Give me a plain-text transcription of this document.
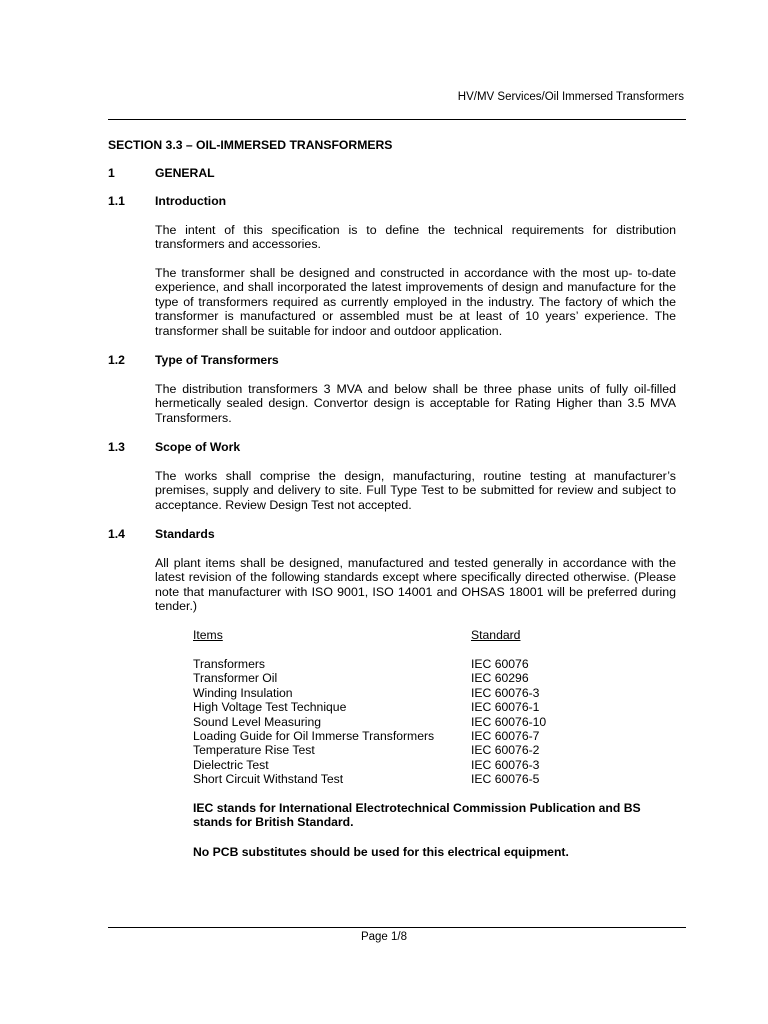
HV/MV Services/Oil Immersed Transformers
SECTION 3.3 – OIL-IMMERSED TRANSFORMERS
1	GENERAL
1.1 Introduction

The intent of this specification is to define the technical requirements for distribution transformers and accessories.

The transformer shall be designed and constructed in accordance with the most up- to-date experience, and shall incorporated the latest improvements of design and manufacture for the type of transformers required as currently employed in the industry. The factory of which the transformer is manufactured or assembled must be at least of 10 years’ experience. The transformer shall be suitable for indoor and outdoor application.

1.2 Type of Transformers

The distribution transformers 3 MVA and below shall be three phase units of fully oil-filled hermetically sealed design. Convertor design is acceptable for Rating Higher than 3.5 MVA Transformers.

1.3 Scope of Work

The works shall comprise the design, manufacturing, routine testing at manufacturer’s premises, supply and delivery to site. Full Type Test to be submitted for review and subject to acceptance. Review Design Test not accepted.

1.4 Standards

All plant items shall be designed, manufactured and tested generally in accordance with the latest revision of the following standards except where specifically directed otherwise. (Please note that manufacturer with ISO 9001, ISO 14001 and OHSAS 18001 will be preferred during tender.)

Items	Standard
Transformers	IEC 60076
Transformer Oil	IEC 60296
Winding Insulation	IEC 60076-3
High Voltage Test Technique	IEC 60076-1
Sound Level Measuring	IEC 60076-10
Loading Guide for Oil Immerse Transformers	IEC 60076-7
Temperature Rise Test	IEC 60076-2
Dielectric Test	IEC 60076-3
Short Circuit Withstand Test	IEC 60076-5

IEC stands for International Electrotechnical Commission Publication and BS stands for British Standard.

No PCB substitutes should be used for this electrical equipment.

Page 1/8
